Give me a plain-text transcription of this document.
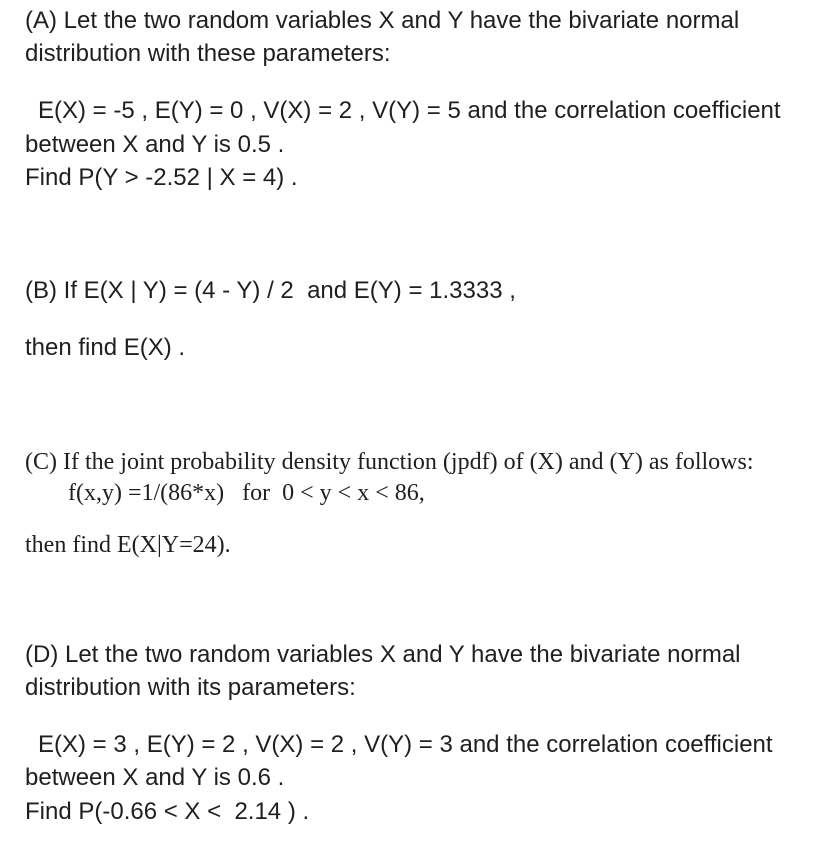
(A) Let the two random variables X and Y have the bivariate normal
distribution with these parameters:
E(X) = -5 , E(Y) = 0 , V(X) = 2 , V(Y) = 5 and the correlation coefficient
between X and Y is 0.5 .
Find P(Y > -2.52 | X = 4) .
(B) If E(X | Y) = (4 - Y) / 2  and E(Y) = 1.3333 ,
then find E(X) .
(C) If the joint probability density function (jpdf) of (X) and (Y) as follows:
f(x,y) =1/(86*x)   for  0 < y < x < 86,
then find E(X|Y=24).
(D) Let the two random variables X and Y have the bivariate normal
distribution with its parameters:
E(X) = 3 , E(Y) = 2 , V(X) = 2 , V(Y) = 3 and the correlation coefficient
between X and Y is 0.6 .
Find P(-0.66 < X <  2.14 ) .
